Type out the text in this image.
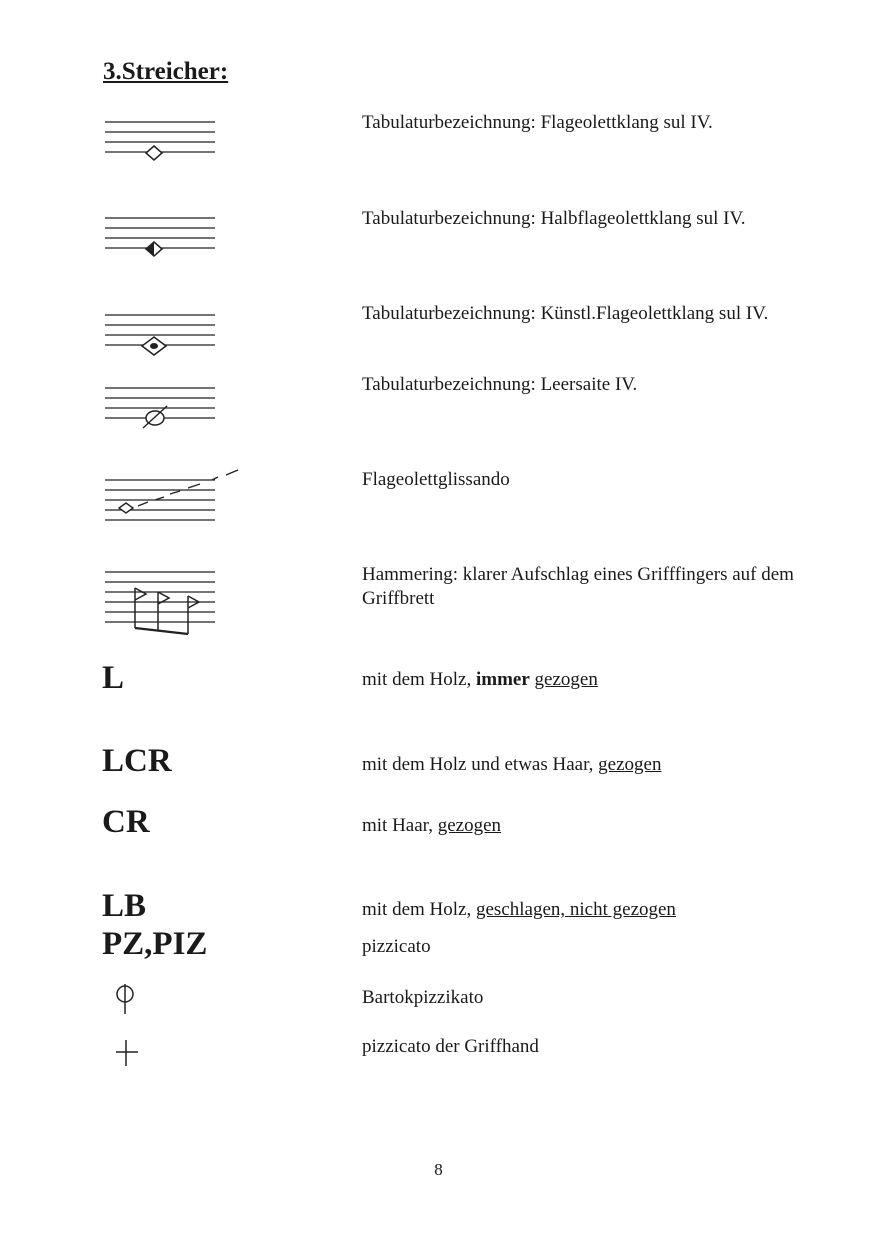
3.Streicher:
Tabulaturbezeichnung: Flageolettklang sul IV.
Tabulaturbezeichnung: Halbflageolettklang sul IV.
Tabulaturbezeichnung: Künstl.Flageolettklang sul IV.
Tabulaturbezeichnung: Leersaite IV.
Flageolettglissando
Hammering: klarer Aufschlag eines Grifffingers auf dem Griffbrett
L	mit dem Holz, immer gezogen
LCR	mit dem Holz und etwas Haar, gezogen
CR	mit Haar, gezogen
LB	mit dem Holz, geschlagen, nicht gezogen
PZ,PIZ	pizzicato
Bartokpizzikato
pizzicato der Griffhand
8
